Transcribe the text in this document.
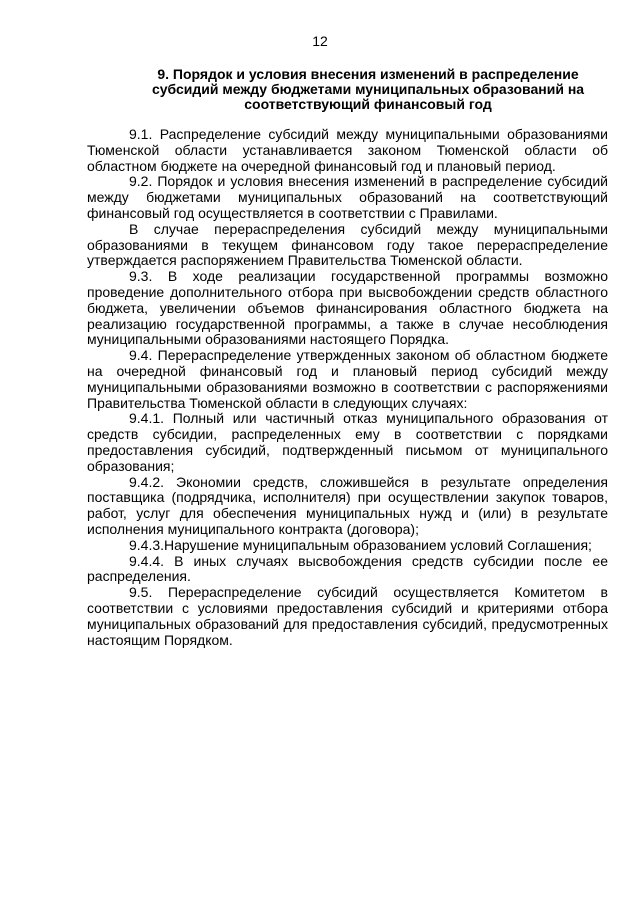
12
9. Порядок и условия внесения изменений в распределение
субсидий между бюджетами муниципальных образований на
соответствующий финансовый год

9.1. Распределение субсидий между муниципальными образованиями Тюменской области устанавливается законом Тюменской области об областном бюджете на очередной финансовый год и плановый период.

9.2. Порядок и условия внесения изменений в распределение субсидий между бюджетами муниципальных образований на соответствующий финансовый год осуществляется в соответствии с Правилами.

В случае перераспределения субсидий между муниципальными образованиями в текущем финансовом году такое перераспределение утверждается распоряжением Правительства Тюменской области.

9.3. В ходе реализации государственной программы возможно проведение дополнительного отбора при высвобождении средств областного бюджета, увеличении объемов финансирования областного бюджета на реализацию государственной программы, а также в случае несоблюдения муниципальными образованиями настоящего Порядка.

9.4. Перераспределение утвержденных законом об областном бюджете на очередной финансовый год и плановый период субсидий между муниципальными образованиями возможно в соответствии с распоряжениями Правительства Тюменской области в следующих случаях:

9.4.1. Полный или частичный отказ муниципального образования от средств субсидии, распределенных ему в соответствии с порядками предоставления субсидий, подтвержденный письмом от муниципального образования;

9.4.2. Экономии средств, сложившейся в результате определения поставщика (подрядчика, исполнителя) при осуществлении закупок товаров, работ, услуг для обеспечения муниципальных нужд и (или) в результате исполнения муниципального контракта (договора);

9.4.3.Нарушение муниципальным образованием условий Соглашения;

9.4.4. В иных случаях высвобождения средств субсидии после ее распределения.

9.5. Перераспределение субсидий осуществляется Комитетом в соответствии с условиями предоставления субсидий и критериями отбора муниципальных образований для предоставления субсидий, предусмотренных настоящим Порядком.
